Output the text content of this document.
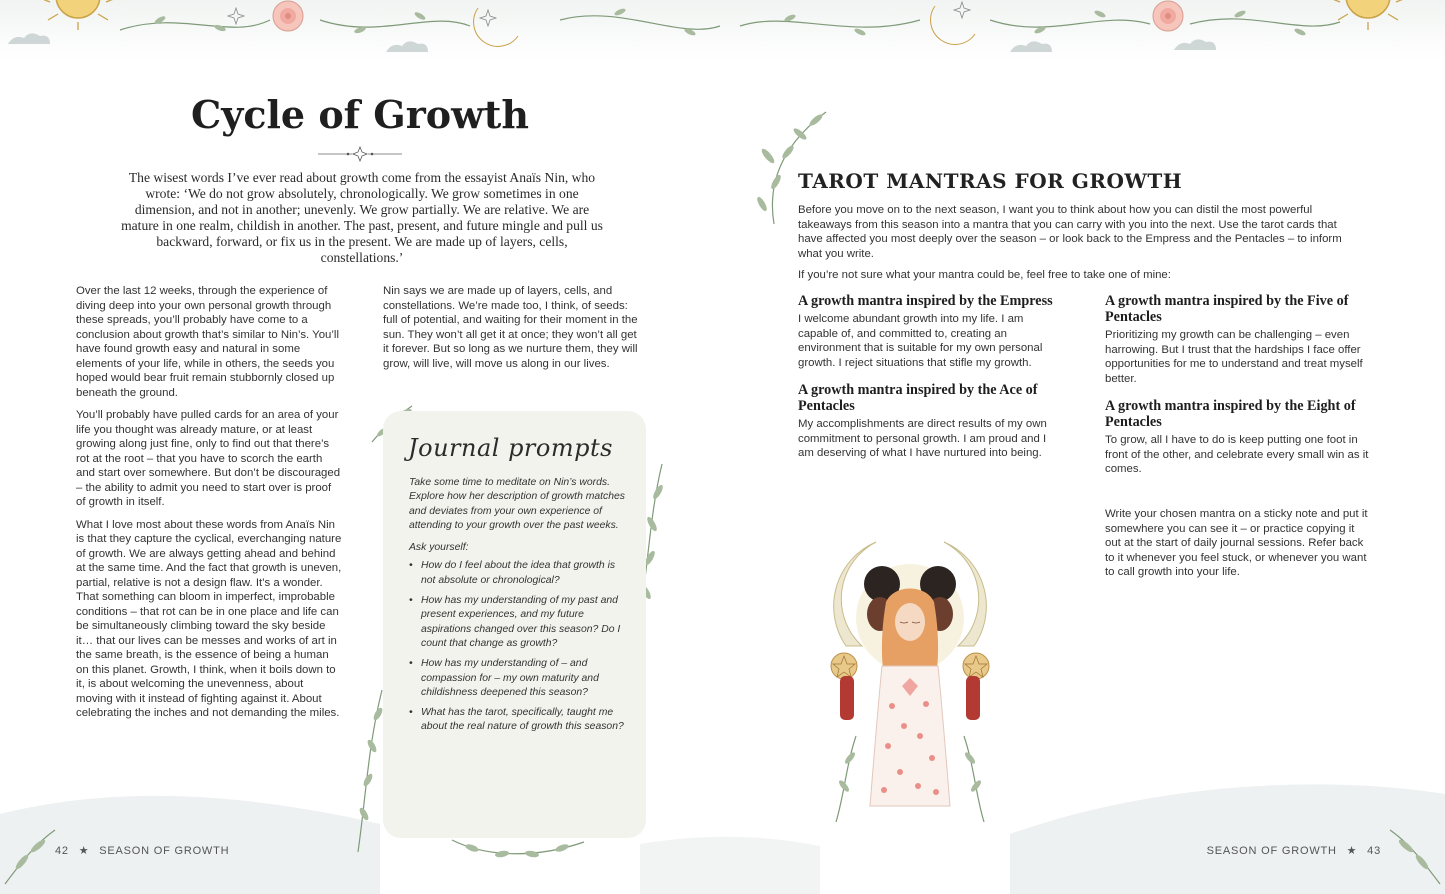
Cycle of Growth

The wisest words I’ve ever read about growth come from the essayist Anaïs Nin, who wrote: ‘We do not grow absolutely, chronologically. We grow sometimes in one dimension, and not in another; unevenly. We grow partially. We are relative. We are mature in one realm, childish in another. The past, present, and future mingle and pull us backward, forward, or fix us in the present. We are made up of layers, cells, constellations.’

Over the last 12 weeks, through the experience of diving deep into your own personal growth through these spreads, you’ll probably have come to a conclusion about growth that’s similar to Nin’s. You’ll have found growth easy and natural in some elements of your life, while in others, the seeds you hoped would bear fruit remain stubbornly closed up beneath the ground.

You’ll probably have pulled cards for an area of your life you thought was already mature, or at least growing along just fine, only to find out that there’s rot at the root – that you have to scorch the earth and start over somewhere. But don’t be discouraged – the ability to admit you need to start over is proof of growth in itself.

What I love most about these words from Anaïs Nin is that they capture the cyclical, everchanging nature of growth. We are always getting ahead and behind at the same time. And the fact that growth is uneven, partial, relative is not a design flaw. It’s a wonder. That something can bloom in imperfect, improbable conditions – that rot can be in one place and life can be simultaneously climbing toward the sky beside it… that our lives can be messes and works of art in the same breath, is the essence of being a human on this planet. Growth, I think, when it boils down to it, is about welcoming the unevenness, about moving with it instead of fighting against it. About celebrating the inches and not demanding the miles.

Nin says we are made up of layers, cells, and constellations. We’re made too, I think, of seeds: full of potential, and waiting for their moment in the sun. They won’t all get it at once; they won’t all get it forever. But so long as we nurture them, they will grow, will live, will move us along in our lives.

Journal prompts

Take some time to meditate on Nin’s words. Explore how her description of growth matches and deviates from your own experience of attending to your growth over the past weeks.

Ask yourself:

• How do I feel about the idea that growth is not absolute or chronological?
• How has my understanding of my past and present experiences, and my future aspirations changed over this season? Do I count that change as growth?
• How has my understanding of – and compassion for – my own maturity and childishness deepened this season?
• What has the tarot, specifically, taught me about the real nature of growth this season?
42 ★ SEASON OF GROWTH
TAROT MANTRAS FOR GROWTH

Before you move on to the next season, I want you to think about how you can distil the most powerful takeaways from this season into a mantra that you can carry with you into the next. Use the tarot cards that have affected you most deeply over the season – or look back to the Empress and the Pentacles – to inform what you write.

If you’re not sure what your mantra could be, feel free to take one of mine:

A growth mantra inspired by the Empress

I welcome abundant growth into my life. I am capable of, and committed to, creating an environment that is suitable for my own personal growth. I reject situations that stifle my growth.

A growth mantra inspired by the Ace of Pentacles

My accomplishments are direct results of my own commitment to personal growth. I am proud and I am deserving of what I have nurtured into being.

A growth mantra inspired by the Five of Pentacles

Prioritizing my growth can be challenging – even harrowing. But I trust that the hardships I face offer opportunities for me to understand and treat myself better.

A growth mantra inspired by the Eight of Pentacles

To grow, all I have to do is keep putting one foot in front of the other, and celebrate every small win as it comes.

Write your chosen mantra on a sticky note and put it somewhere you can see it – or practice copying it out at the start of daily journal sessions. Refer back to it whenever you feel stuck, or whenever you want to call growth into your life.

SEASON OF GROWTH ★ 43
